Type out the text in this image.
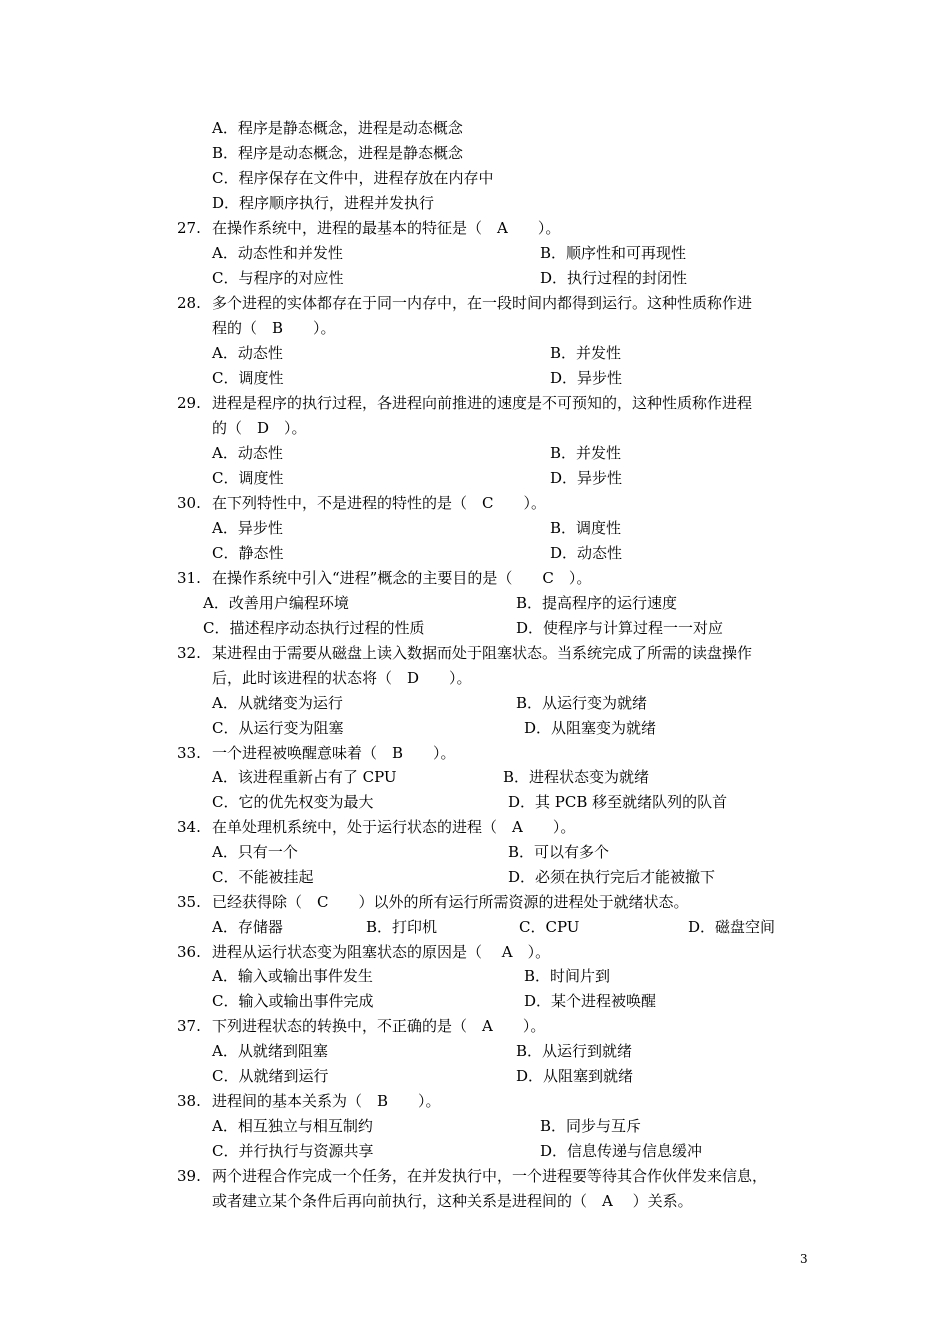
A．程序是静态概念，进程是动态概念
B．程序是动态概念，进程是静态概念
C．程序保存在文件中，进程存放在内存中
D．程序顺序执行，进程并发执行
27. 在操作系统中，进程的最基本的特征是（　A　　）。
A．动态性和并发性	B．顺序性和可再现性
C．与程序的对应性	D．执行过程的封闭性
28. 多个进程的实体都存在于同一内存中，在一段时间内都得到运行。这种性质称作进
程的（　B　　）。
A．动态性	B．并发性
C．调度性	D．异步性
29. 进程是程序的执行过程，各进程向前推进的速度是不可预知的，这种性质称作进程
的（　D　）。
A．动态性	B．并发性
C．调度性	D．异步性
30. 在下列特性中，不是进程的特性的是（　C　　）。
A．异步性	B．调度性
C．静态性	D．动态性
31. 在操作系统中引入“进程”概念的主要目的是（　　C　）。
A．改善用户编程环境	B．提高程序的运行速度
C．描述程序动态执行过程的性质	D．使程序与计算过程一一对应
32. 某进程由于需要从磁盘上读入数据而处于阻塞状态。当系统完成了所需的读盘操作
后，此时该进程的状态将（　D　　）。
A．从就绪变为运行	B．从运行变为就绪
C．从运行变为阻塞	D．从阻塞变为就绪
33. 一个进程被唤醒意味着（　B　　）。
A．该进程重新占有了 CPU	B．进程状态变为就绪
C．它的优先权变为最大	D．其 PCB 移至就绪队列的队首
34. 在单处理机系统中，处于运行状态的进程（　A　　）。
A．只有一个	B．可以有多个
C．不能被挂起	D．必须在执行完后才能被撤下
35. 已经获得除（　C　　）以外的所有运行所需资源的进程处于就绪状态。
A．存储器	B．打印机	C．CPU	D．磁盘空间
36. 进程从运行状态变为阻塞状态的原因是（　 A　）。
A．输入或输出事件发生	B．时间片到
C．输入或输出事件完成	D．某个进程被唤醒
37. 下列进程状态的转换中，不正确的是（　A　　）。
A．从就绪到阻塞	B．从运行到就绪
C．从就绪到运行	D．从阻塞到就绪
38. 进程间的基本关系为（　B　　）。
A．相互独立与相互制约	B．同步与互斥
C．并行执行与资源共享	D．信息传递与信息缓冲
39. 两个进程合作完成一个任务，在并发执行中，一个进程要等待其合作伙伴发来信息，
或者建立某个条件后再向前执行，这种关系是进程间的（　A　 ）关系。
3
